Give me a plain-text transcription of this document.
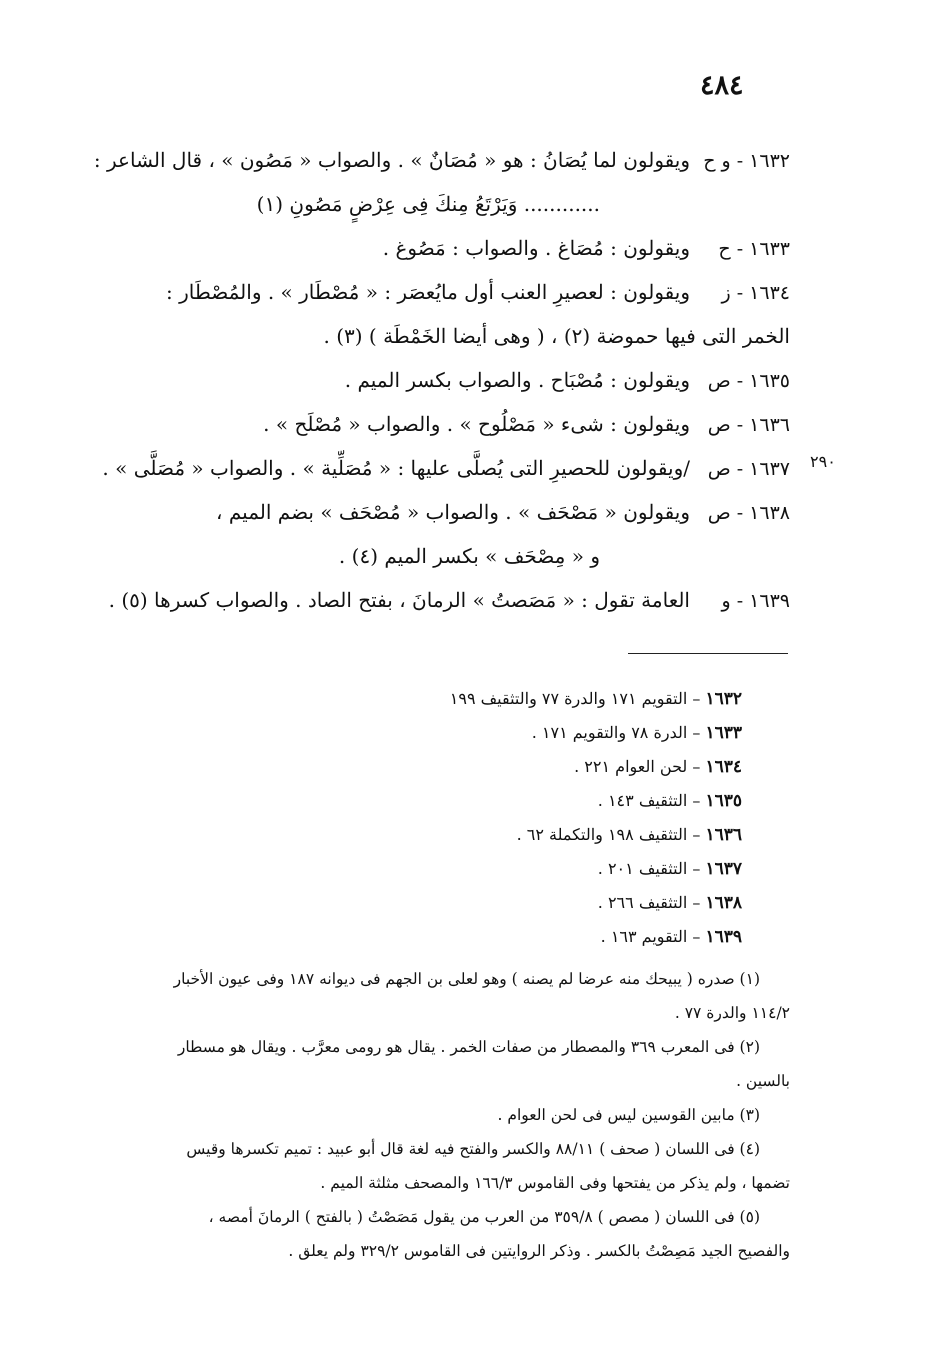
٤٨٤
١٦٣٢ - و ح
ويقولون لما يُصَانُ : هو « مُصَانٌ » . والصواب « مَصُون » ، قال الشاعر :
............ وَيَرْتَعُ مِنكَ فِى عِرْضٍ مَصُونِ (١)
١٦٣٣ - ح
ويقولون : مُصَاغ . والصواب : مَصُوغ .
١٦٣٤ - ز
ويقولون : لعصيرِ العنب أول مايُعصَر : « مُصْطَار » . والمُصْطَار :
الخمر التى فيها حموضة (٢) ، ( وهى أيضا الخَمْطَة ) (٣) .
١٦٣٥ - ص
ويقولون : مُصْبَاح . والصواب بكسر الميم .
١٦٣٦ - ص
ويقولون : شىء « مَصْلُوح » . والصواب « مُصْلَح » .
١٦٣٧ - ص
/ويقولون للحصيرِ التى يُصلَّى عليها : « مُصَلِّية » . والصواب « مُصَلَّى » .
١٦٣٨ - ص
ويقولون « مَصْحَف » . والصواب « مُصْحَف » بضم الميم ،
و « مِصْحَف » بكسر الميم (٤) .
١٦٣٩ - و
العامة تقول : « مَصَصتُ » الرمانَ ، بفتح الصاد . والصواب كسرها (٥) .
٢٩٠
١٦٣٢ – التقويم ١٧١ والدرة ٧٧ والتثقيف ١٩٩
١٦٣٣ – الدرة ٧٨ والتقويم ١٧١ .
١٦٣٤ – لحن العوام ٢٢١ .
١٦٣٥ – التثقيف ١٤٣ .
١٦٣٦ – التثقيف ١٩٨ والتكملة ٦٢ .
١٦٣٧ – التثقيف ٢٠١ .
١٦٣٨ – التثقيف ٢٦٦ .
١٦٣٩ – التقويم ١٦٣ .
(١) صدره ( يبيحك منه عرضا لم يصنه ) وهو لعلى بن الجهم فى ديوانه ١٨٧ وفى عيون الأخبار
١١٤/٢ والدرة ٧٧ .
(٢) فى المعرب ٣٦٩ والمصطار من صفات الخمر . يقال هو رومى معرَّب . ويقال هو مسطار
بالسين .
(٣) مابين القوسين ليس فى لحن العوام .
(٤) فى اللسان ( صحف ) ٨٨/١١ والكسر والفتح فيه لغة قال أبو عبيد : تميم تكسرها وقيس
تضمها ، ولم يذكر من يفتحها وفى القاموس ١٦٦/٣ والمصحف مثلثة الميم .
(٥) فى اللسان ( مصص ) ٣٥٩/٨ من العرب من يقول مَصَصْتُ ( بالفتح ) الرمانَ أمصه ،
والفصيح الجيد مَصِصْتُ بالكسر . وذكر الروايتين فى القاموس ٣٢٩/٢ ولم يعلق .
